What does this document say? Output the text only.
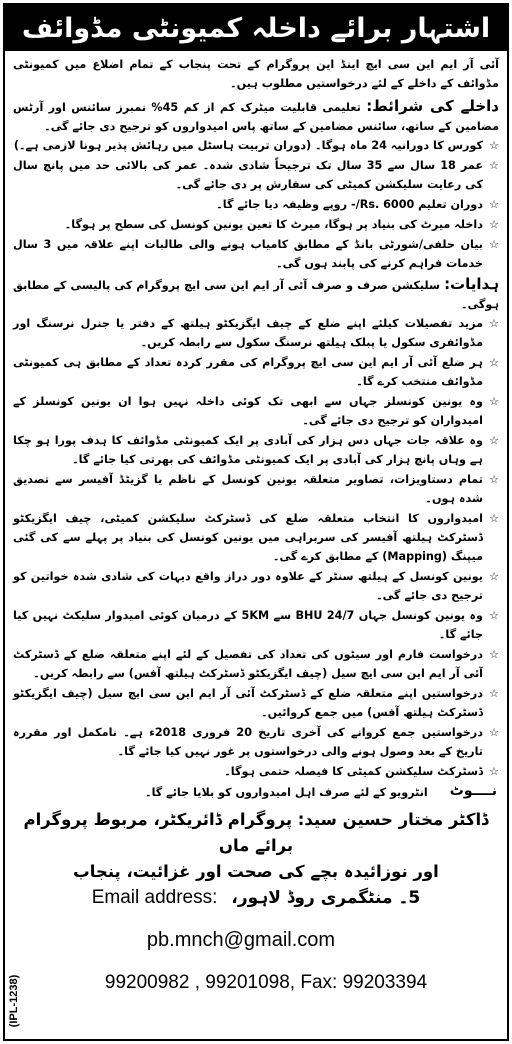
اشتہار برائے داخلہ کمیونٹی مڈوائف

آئی آر ایم این سی ایچ اینڈ این پروگرام کے تحت پنجاب کے تمام اضلاع میں کمیونٹی مڈوائف کے داخلے کے لئے درخواستیں مطلوب ہیں۔

داخلے کی شرائط: تعلیمی قابلیت میٹرک کم از کم 45% نمبرز سائنس اور آرٹس مضامین کے ساتھ، سائنس مضامین کے ساتھ پاس امیدواروں کو ترجیح دی جائے گی۔
☆
کورس کا دورانیہ 24 ماہ ہوگا۔ (دوران تربیت ہاسٹل میں رہائش پذیر ہونا لازمی ہے۔)
☆
عمر 18 سال سے 35 سال تک ترجیحاً شادی شدہ۔ عمر کی بالائی حد میں پانچ سال کی رعایت سلیکشن کمیٹی کی سفارش پر دی جائے گی۔
☆
دوران تعلیم Rs. 6000/- روپے وظیفہ دیا جائے گا۔
☆
داخلہ میرٹ کی بنیاد پر ہوگا، میرٹ کا تعین یونین کونسل کی سطح پر ہوگا۔
☆
بیان حلفی/شورٹی بانڈ کے مطابق کامیاب ہونے والی طالبات اپنے علاقہ میں 3 سال خدمات فراہم کرنے کی پابند ہوں گی۔
ہدایات: سلیکشن صرف و صرف آئی آر ایم این سی ایچ پروگرام کی پالیسی کے مطابق ہوگی۔
☆
مزید تفصیلات کیلئے اپنے ضلع کے چیف ایگزیکٹو ہیلتھ کے دفتر یا جنرل نرسنگ اور مڈوائفری سکول یا پبلک ہیلتھ نرسنگ سکول سے رابطہ کریں۔
☆
ہر ضلع آئی آر ایم این سی ایچ پروگرام کی مقرر کردہ تعداد کے مطابق ہی کمیونٹی مڈوائف منتخب کرے گا۔
☆
وہ یونین کونسلز جہاں سے ابھی تک کوئی داخلہ نہیں ہوا ان یونین کونسلز کے امیدواران کو ترجیح دی جائے گی۔
☆
وہ علاقہ جات جہاں دس ہزار کی آبادی پر ایک کمیونٹی مڈوائف کا ہدف پورا ہو چکا ہے وہاں پانچ ہزار کی آبادی پر ایک کمیونٹی مڈوائف کی بھرتی کیا جائے گا۔
☆
تمام دستاویزات، تصاویر متعلقہ یونین کونسل کے ناظم یا گزیٹڈ آفیسر سے تصدیق شدہ ہوں۔
☆
امیدواروں کا انتخاب متعلقہ ضلع کی ڈسٹرکٹ سلیکشن کمیٹی، چیف ایگزیکٹو ڈسٹرکٹ ہیلتھ آفیسر کی سربراہی میں یونین کونسل کی بنیاد پر پہلے سے کی گئی میپنگ (Mapping) کے مطابق کرے گی۔
☆
یونین کونسل کے ہیلتھ سنٹر کے علاوہ دور دراز واقع دیہات کی شادی شدہ خواتین کو ترجیح دی جائے گی۔
☆
وہ یونین کونسل جہاں 24/7 BHU سے 5KM کے درمیان کوئی امیدوار سلیکٹ نہیں کیا جائے گا۔
☆
درخواست فارم اور سیٹوں کی تعداد کی تفصیل کے لئے اپنے متعلقہ ضلع کے ڈسٹرکٹ آئی آر ایم این سی ایچ سیل (چیف ایگزیکٹو ڈسٹرکٹ ہیلتھ آفس) سے رابطہ کریں۔
☆
درخواستیں اپنے متعلقہ ضلع کے ڈسٹرکٹ آئی آر ایم این سی ایچ سیل (چیف ایگزیکٹو ڈسٹرکٹ ہیلتھ آفس) میں جمع کروائیں۔
☆
درخواستیں جمع کروانے کی آخری تاریخ 20 فروری 2018ء ہے۔ نامکمل اور مقررہ تاریخ کے بعد وصول ہونے والی درخواستوں پر غور نہیں کیا جائے گا۔
☆
ڈسٹرکٹ سلیکشن کمیٹی کا فیصلہ حتمی ہوگا۔
نــــوٹ
انٹرویو کے لئے صرف اہل امیدواروں کو بلایا جائے گا۔
ڈاکٹر مختار حسین سید: پروگرام ڈائریکٹر، مربوط پروگرام برائے ماں
اور نوزائیدہ بچے کی صحت اور غزائیت، پنجاب
5۔ منٹگمری روڈ لاہور،
Email address:
pb.mnch@gmail.com
99200982 , 99201098, Fax: 99203394
(IPL-1238)
